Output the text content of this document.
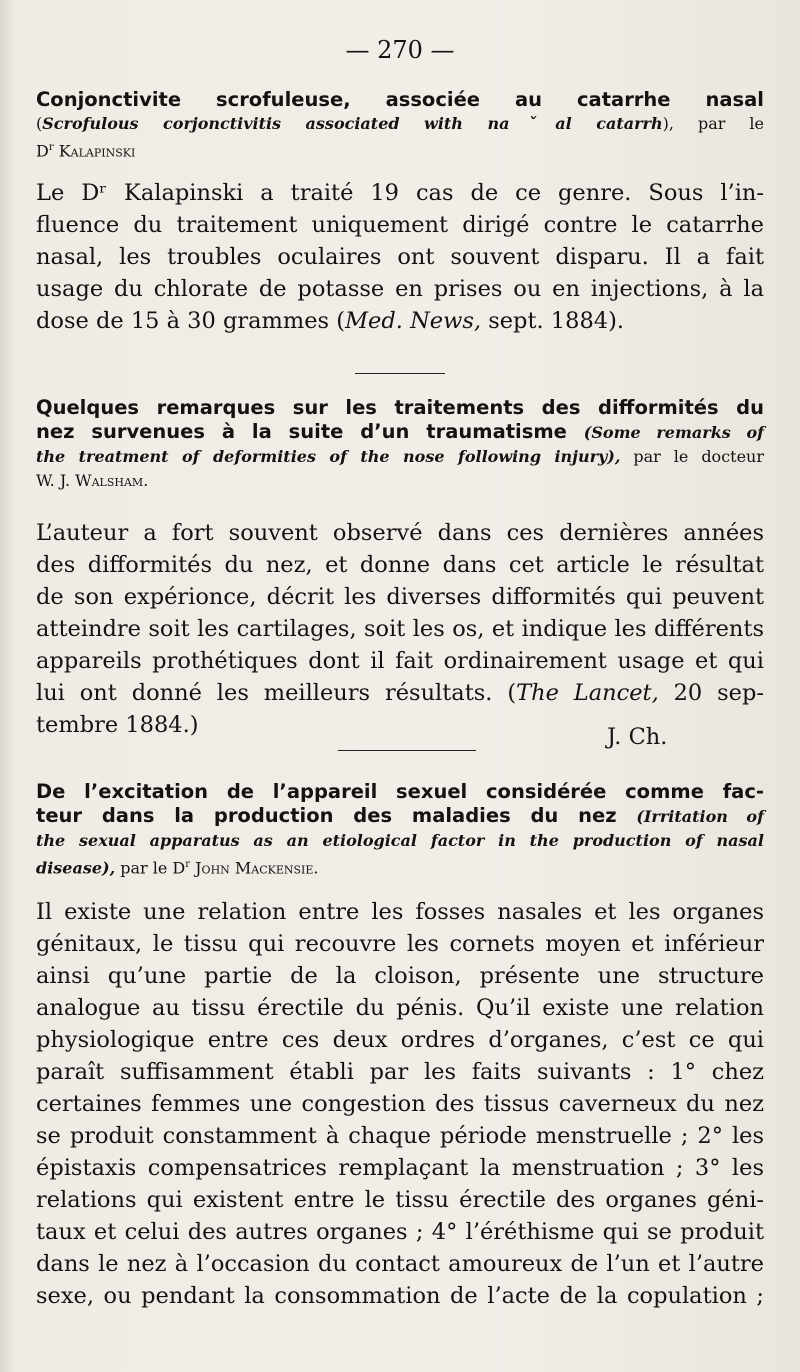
— 270 —
Conjonctivite scrofuleuse, associée au catarrhe nasal
(Scrofulous corjonctivitis associated with naˇal catarrh), par le
$D^r$ Kalapinski
Le Dʳ Kalapinski a traité 19 cas de ce genre. Sous l’in-
fluence du traitement uniquement dirigé contre le catarrhe
nasal, les troubles oculaires ont souvent disparu. Il a fait
usage du chlorate de potasse en prises ou en injections, à la
dose de 15 à 30 grammes (Med. News, sept. 1884).
Quelques remarques sur les traitements des difformités du
nez survenues à la suite d’un traumatisme (Some remarks of
the treatment of deformities of the nose following injury), par le docteur
W. J. Walsham.
L’auteur a fort souvent observé dans ces dernières années
des difformités du nez, et donne dans cet article le résultat
de son expérionce, décrit les diverses difformités qui peuvent
atteindre soit les cartilages, soit les os, et indique les différents
appareils prothétiques dont il fait ordinairement usage et qui
lui ont donné les meilleurs résultats. (The Lancet, 20 sep-
tembre 1884.)	J. Ch.
De l’excitation de l’appareil sexuel considérée comme fac-
teur dans la production des maladies du nez (Irritation of
the sexual apparatus as an etiological factor in the production of nasal
disease), par le $D^r$ John Mackensie.
Il existe une relation entre les fosses nasales et les organes
génitaux, le tissu qui recouvre les cornets moyen et inférieur
ainsi qu’une partie de la cloison, présente une structure
analogue au tissu érectile du pénis. Qu’il existe une relation
physiologique entre ces deux ordres d’organes, c’est ce qui
paraît suffisamment établi par les faits suivants : 1° chez
certaines femmes une congestion des tissus caverneux du nez
se produit constamment à chaque période menstruelle ; 2° les
épistaxis compensatrices remplaçant la menstruation ; 3° les
relations qui existent entre le tissu érectile des organes géni-
taux et celui des autres organes ; 4° l’éréthisme qui se produit
dans le nez à l’occasion du contact amoureux de l’un et l’autre
sexe, ou pendant la consommation de l’acte de la copulation ;
